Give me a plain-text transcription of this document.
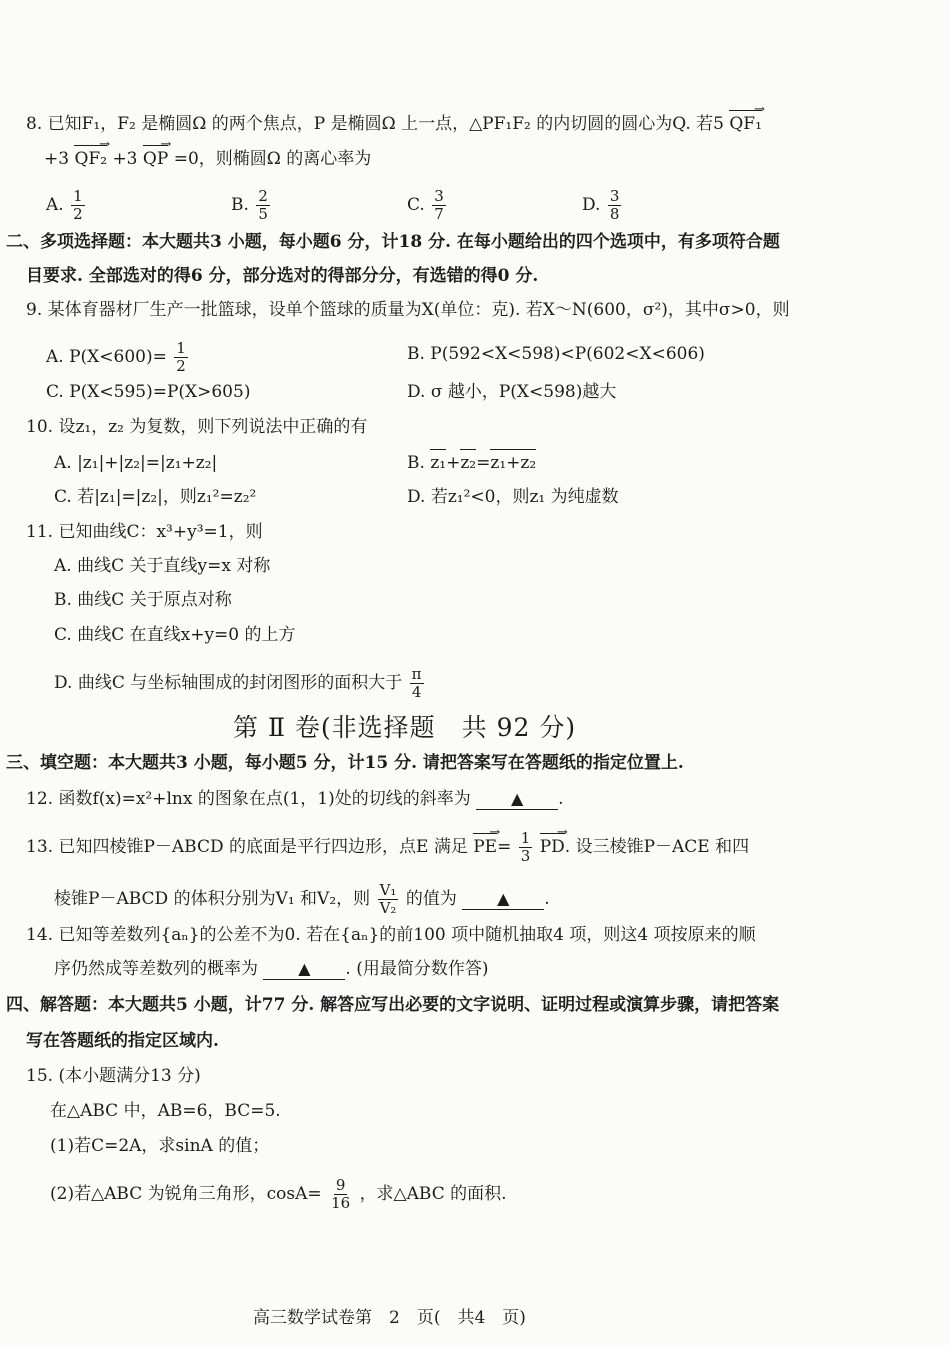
8. 已知F₁，F₂ 是椭圆Ω 的两个焦点，P 是椭圆Ω 上一点，△PF₁F₂ 的内切圆的圆心为Q. 若5 QF₁ →
+3 QF₂ → +3 QP → =0，则椭圆Ω 的离心率为
A. $\frac{1}{2}$	B. $\frac{2}{5}$	C. $\frac{3}{7}$	D. $\frac{3}{8}$
二、多项选择题：本大题共3 小题，每小题6 分，计18 分. 在每小题给出的四个选项中，有多项符合题
目要求. 全部选对的得6 分，部分选对的得部分分，有选错的得0 分.
9. 某体育器材厂生产一批篮球，设单个篮球的质量为X(单位：克). 若X～N(600，σ²)，其中σ>0，则
A. $P(X<600)= \frac{1}{2}$	B. P(592<X<598)<P(602<X<606)
C. P(X<595)=P(X>605)	D. σ 越小，P(X<598)越大
10. 设z₁，z₂ 为复数，则下列说法中正确的有
A. |z₁|+|z₂|=|z₁+z₂|	B. z₁+z₂=z₁+z₂
C. 若|z₁|=|z₂|，则z₁²=z₂²	D. 若z₁²<0，则z₁ 为纯虚数
11. 已知曲线C：x³+y³=1，则
A. 曲线C 关于直线y=x 对称
B. 曲线C 关于原点对称
C. 曲线C 在直线x+y=0 的上方
D. 曲线C 与坐标轴围成的封闭图形的面积大于 $\frac{\pi}{4}$
第 Ⅱ 卷(非选择题　共 92 分)
三、填空题：本大题共3 小题，每小题5 分，计15 分. 请把答案写在答题纸的指定位置上.
12. 函数f(x)=x²+lnx 的图象在点(1，1)处的切线的斜率为	▲ .
13. 已知四棱锥P－ABCD 的底面是平行四边形，点E 满足 PE →= $\frac{1}{3}$ PD →. 设三棱锥P－ACE 和四
棱锥P－ABCD 的体积分别为V₁ 和V₂，则 $\frac{\text{V₁}}{\text{V₂}}$ 的值为	▲ .
14. 已知等差数列{aₙ}的公差不为0. 若在{aₙ}的前100 项中随机抽取4 项，则这4 项按原来的顺
序仍然成等差数列的概率为	▲ . (用最简分数作答)
四、解答题：本大题共5 小题，计77 分. 解答应写出必要的文字说明、证明过程或演算步骤，请把答案
写在答题纸的指定区域内.
15. (本小题满分13 分)
在△ABC 中，AB=6，BC=5.
(1)若C=2A，求sinA 的值；
(2)若△ABC 为锐角三角形，$\cos A= \frac{9}{16}$ ，求△ABC 的面积.
高三数学试卷第　2　页(　共4　页)
